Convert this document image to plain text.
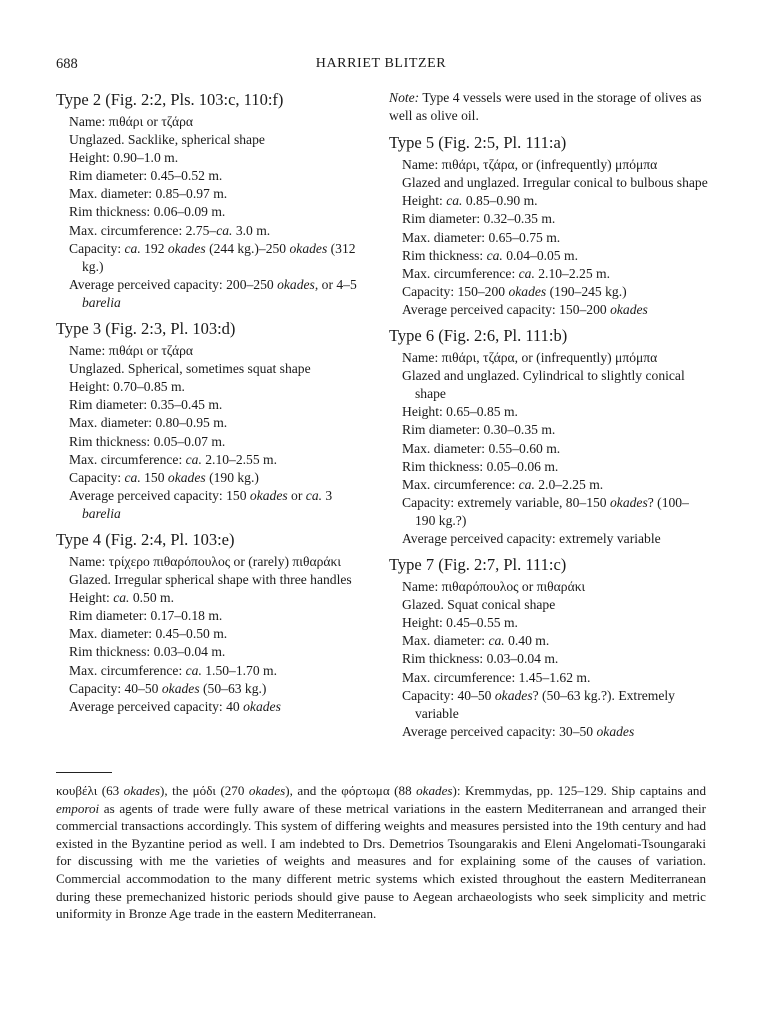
688	HARRIET BLITZER
Type 2 (Fig. 2:2, Pls. 103:c, 110:f)
Name: πιθάρι or τζάρα
Unglazed. Sacklike, spherical shape
Height: 0.90–1.0 m.
Rim diameter: 0.45–0.52 m.
Max. diameter: 0.85–0.97 m.
Rim thickness: 0.06–0.09 m.
Max. circumference: 2.75–ca. 3.0 m.
Capacity: ca. 192 okades (244 kg.)–250 okades (312 kg.)
Average perceived capacity: 200–250 okades, or 4–5 barelia
Type 3 (Fig. 2:3, Pl. 103:d)
Name: πιθάρι or τζάρα
Unglazed. Spherical, sometimes squat shape
Height: 0.70–0.85 m.
Rim diameter: 0.35–0.45 m.
Max. diameter: 0.80–0.95 m.
Rim thickness: 0.05–0.07 m.
Max. circumference: ca. 2.10–2.55 m.
Capacity: ca. 150 okades (190 kg.)
Average perceived capacity: 150 okades or ca. 3 barelia
Type 4 (Fig. 2:4, Pl. 103:e)
Name: τρίχερο πιθαρόπουλος or (rarely) πιθαράκι
Glazed. Irregular spherical shape with three handles
Height: ca. 0.50 m.
Rim diameter: 0.17–0.18 m.
Max. diameter: 0.45–0.50 m.
Rim thickness: 0.03–0.04 m.
Max. circumference: ca. 1.50–1.70 m.
Capacity: 40–50 okades (50–63 kg.)
Average perceived capacity: 40 okades
Note: Type 4 vessels were used in the storage of olives as well as olive oil.
Type 5 (Fig. 2:5, Pl. 111:a)
Name: πιθάρι, τζάρα, or (infrequently) μπόμπα
Glazed and unglazed. Irregular conical to bulbous shape
Height: ca. 0.85–0.90 m.
Rim diameter: 0.32–0.35 m.
Max. diameter: 0.65–0.75 m.
Rim thickness: ca. 0.04–0.05 m.
Max. circumference: ca. 2.10–2.25 m.
Capacity: 150–200 okades (190–245 kg.)
Average perceived capacity: 150–200 okades
Type 6 (Fig. 2:6, Pl. 111:b)
Name: πιθάρι, τζάρα, or (infrequently) μπόμπα
Glazed and unglazed. Cylindrical to slightly conical shape
Height: 0.65–0.85 m.
Rim diameter: 0.30–0.35 m.
Max. diameter: 0.55–0.60 m.
Rim thickness: 0.05–0.06 m.
Max. circumference: ca. 2.0–2.25 m.
Capacity: extremely variable, 80–150 okades? (100–190 kg.?)
Average perceived capacity: extremely variable
Type 7 (Fig. 2:7, Pl. 111:c)
Name: πιθαρόπουλος or πιθαράκι
Glazed. Squat conical shape
Height: 0.45–0.55 m.
Max. diameter: ca. 0.40 m.
Rim thickness: 0.03–0.04 m.
Max. circumference: 1.45–1.62 m.
Capacity: 40–50 okades? (50–63 kg.?). Extremely variable
Average perceived capacity: 30–50 okades
κουβέλι (63 okades), the μόδι (270 okades), and the φόρτωμα (88 okades): Kremmydas, pp. 125–129. Ship captains and emporoi as agents of trade were fully aware of these metrical variations in the eastern Mediterranean and arranged their commercial transactions accordingly. This system of differing weights and measures persisted into the 19th century and had existed in the Byzantine period as well. I am indebted to Drs. Demetrios Tsoungarakis and Eleni Angelomati-Tsoungaraki for discussing with me the varieties of weights and measures and for explaining some of the causes of variation. Commercial accommodation to the many different metric systems which existed throughout the eastern Mediterranean during these premechanized historic periods should give pause to Aegean archaeologists who seek simplicity and metric uniformity in Bronze Age trade in the eastern Mediterranean.
